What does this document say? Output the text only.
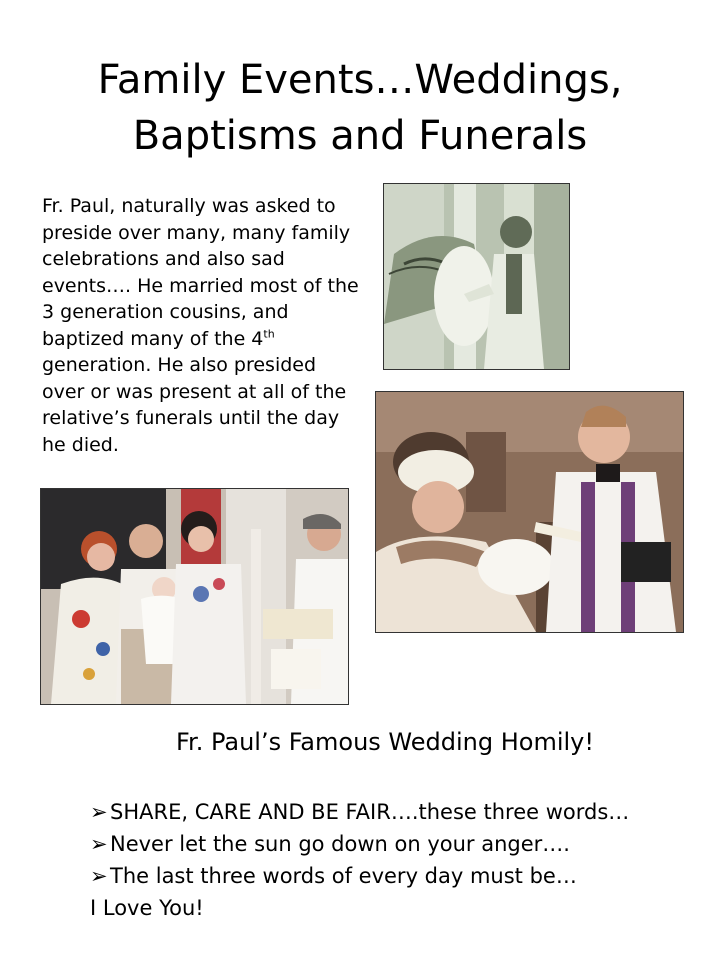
Family Events…Weddings,
Baptisms and Funerals
Fr. Paul, naturally was asked to preside over many, many family celebrations and also sad events…. He married most of the 3 generation cousins, and baptized many of the 4th generation. He also presided over or was present at all of the relative’s funerals until the day he died.
Fr. Paul’s Famous Wedding Homily!
➢ SHARE, CARE AND BE FAIR….these three words…
➢ Never let the sun go down on your anger….
➢ The last three words of every day must be…
I Love You!
